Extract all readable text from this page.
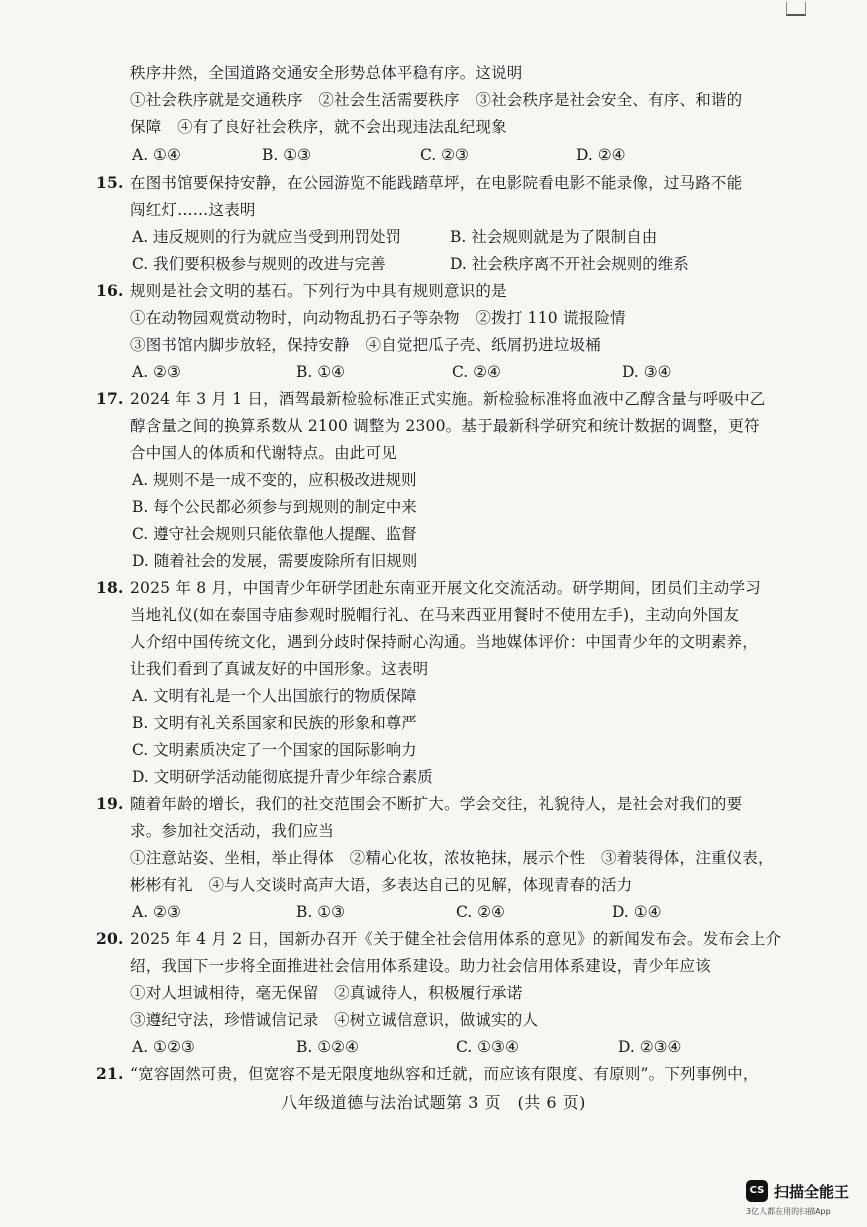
秩序井然，全国道路交通安全形势总体平稳有序。这说明
①社会秩序就是交通秩序　②社会生活需要秩序　③社会秩序是社会安全、有序、和谐的
保障　④有了良好社会秩序，就不会出现违法乱纪现象
A. ①④	B. ①③	C. ②③	D. ②④
15. 在图书馆要保持安静，在公园游览不能践踏草坪，在电影院看电影不能录像，过马路不能
闯红灯……这表明
A. 违反规则的行为就应当受到刑罚处罚	B. 社会规则就是为了限制自由
C. 我们要积极参与规则的改进与完善	D. 社会秩序离不开社会规则的维系
16. 规则是社会文明的基石。下列行为中具有规则意识的是
①在动物园观赏动物时，向动物乱扔石子等杂物　②拨打 110 谎报险情
③图书馆内脚步放轻，保持安静　④自觉把瓜子壳、纸屑扔进垃圾桶
A. ②③	B. ①④	C. ②④	D. ③④
17. 2024 年 3 月 1 日，酒驾最新检验标准正式实施。新检验标准将血液中乙醇含量与呼吸中乙
醇含量之间的换算系数从 2100 调整为 2300。基于最新科学研究和统计数据的调整，更符
合中国人的体质和代谢特点。由此可见
A. 规则不是一成不变的，应积极改进规则
B. 每个公民都必须参与到规则的制定中来
C. 遵守社会规则只能依靠他人提醒、监督
D. 随着社会的发展，需要废除所有旧规则
18. 2025 年 8 月，中国青少年研学团赴东南亚开展文化交流活动。研学期间，团员们主动学习
当地礼仪(如在泰国寺庙参观时脱帽行礼、在马来西亚用餐时不使用左手)，主动向外国友
人介绍中国传统文化，遇到分歧时保持耐心沟通。当地媒体评价：中国青少年的文明素养，
让我们看到了真诚友好的中国形象。这表明
A. 文明有礼是一个人出国旅行的物质保障
B. 文明有礼关系国家和民族的形象和尊严
C. 文明素质决定了一个国家的国际影响力
D. 文明研学活动能彻底提升青少年综合素质
19. 随着年龄的增长，我们的社交范围会不断扩大。学会交往，礼貌待人，是社会对我们的要
求。参加社交活动，我们应当
①注意站姿、坐相，举止得体　②精心化妆，浓妆艳抹，展示个性　③着装得体，注重仪表，
彬彬有礼　④与人交谈时高声大语，多表达自己的见解，体现青春的活力
A. ②③	B. ①③	C. ②④	D. ①④
20. 2025 年 4 月 2 日，国新办召开《关于健全社会信用体系的意见》的新闻发布会。发布会上介
绍，我国下一步将全面推进社会信用体系建设。助力社会信用体系建设，青少年应该
①对人坦诚相待，毫无保留　②真诚待人，积极履行承诺
③遵纪守法，珍惜诚信记录　④树立诚信意识，做诚实的人
A. ①②③	B. ①②④	C. ①③④	D. ②③④
21. “宽容固然可贵，但宽容不是无限度地纵容和迁就，而应该有限度、有原则”。下列事例中，
八年级道德与法治试题第 3 页　(共 6 页)
CS 扫描全能王
3亿人都在用的扫描App
